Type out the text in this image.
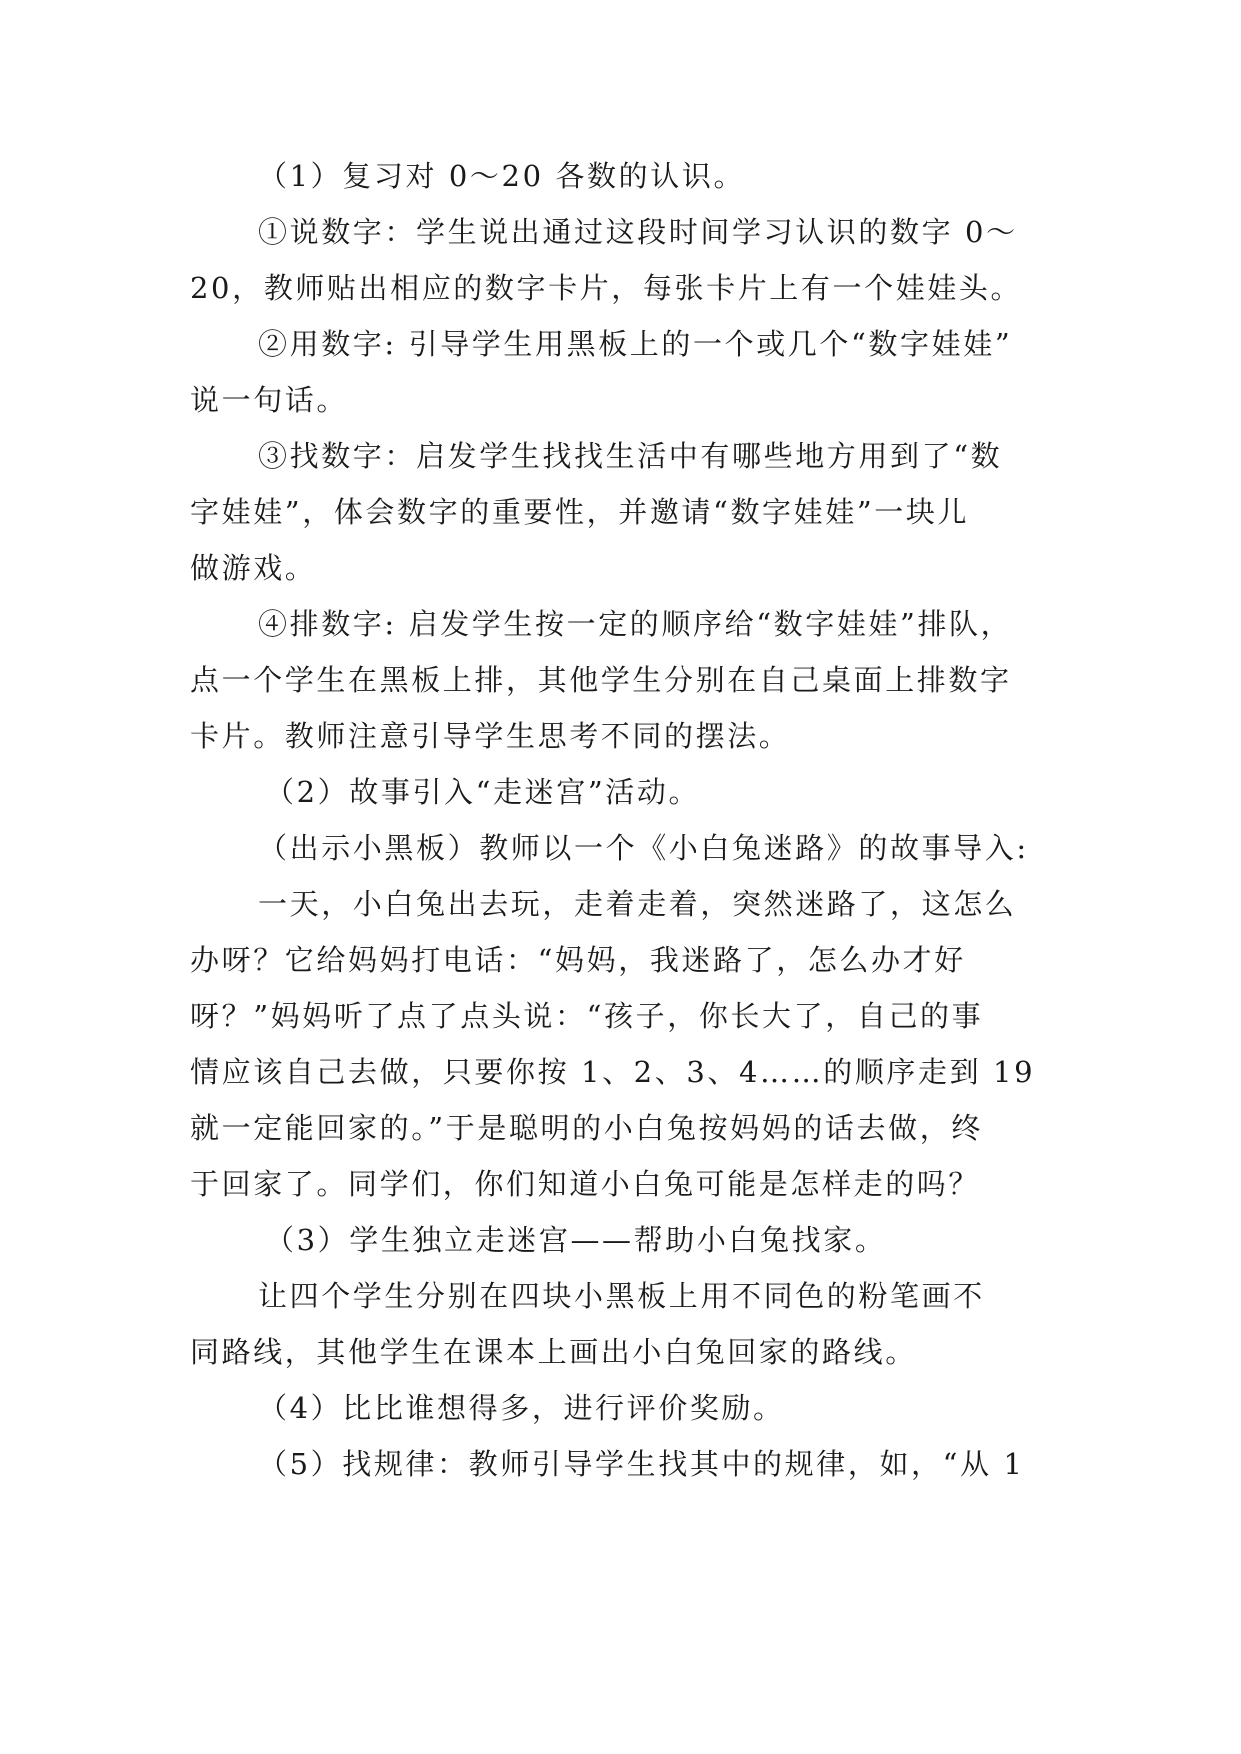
（1）复习对 0～20 各数的认识。
①说数字：学生说出通过这段时间学习认识的数字 0～
20，教师贴出相应的数字卡片，每张卡片上有一个娃娃头。
②用数字: 引导学生用黑板上的一个或几个“数字娃娃”
说一句话。
③找数字：启发学生找找生活中有哪些地方用到了“数
字娃娃”，体会数字的重要性，并邀请“数字娃娃”一块儿
做游戏。
④排数字: 启发学生按一定的顺序给“数字娃娃”排队，
点一个学生在黑板上排，其他学生分别在自己桌面上排数字
卡片。教师注意引导学生思考不同的摆法。
（2）故事引入“走迷宫”活动。
（出示小黑板）教师以一个《小白兔迷路》的故事导入:
一天，小白兔出去玩，走着走着，突然迷路了，这怎么
办呀？它给妈妈打电话：“妈妈，我迷路了，怎么办才好
呀？”妈妈听了点了点头说：“孩子，你长大了，自己的事
情应该自己去做，只要你按 1、2、3、4……的顺序走到 19
就一定能回家的。”于是聪明的小白兔按妈妈的话去做，终
于回家了。同学们，你们知道小白兔可能是怎样走的吗？
（3）学生独立走迷宫——帮助小白兔找家。
让四个学生分别在四块小黑板上用不同色的粉笔画不
同路线，其他学生在课本上画出小白兔回家的路线。
（4）比比谁想得多，进行评价奖励。
（5）找规律：教师引导学生找其中的规律，如，“从 1
